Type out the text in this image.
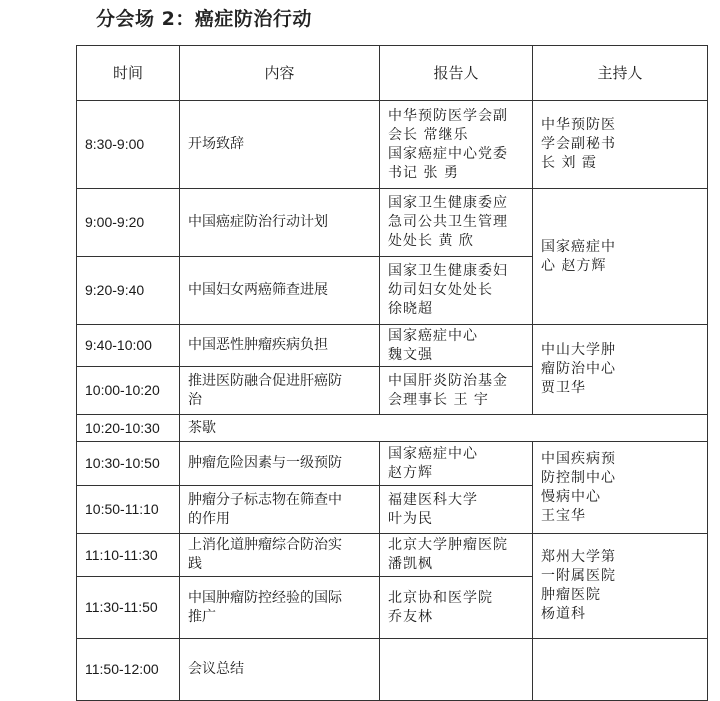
分会场 2：癌症防治行动
时间	内容	报告人	主持人
8:30-9:00	开场致辞	中华预防医学会副
会长 常继乐
国家癌症中心党委
书记 张 勇	中华预防医
学会副秘书
长 刘 霞

9:00-9:20	中国癌症防治行动计划	国家卫生健康委应
急司公共卫生管理
处处长 黄 欣	国家癌症中
心 赵方辉

9:20-9:40	中国妇女两癌筛查进展	国家卫生健康委妇
幼司妇女处处长
徐晓超	

9:40-10:00	中国恶性肿瘤疾病负担	国家癌症中心
魏文强	中山大学肿
瘤防治中心
贾卫华

10:00-10:20	推进医防融合促进肝癌防
治	中国肝炎防治基金
会理事长 王 宇	

10:20-10:30	茶歇		

10:30-10:50	肿瘤危险因素与一级预防	国家癌症中心
赵方辉	中国疾病预
防控制中心
慢病中心
王宝华

10:50-11:10	肿瘤分子标志物在筛查中
的作用	福建医科大学
叶为民	

11:10-11:30	上消化道肿瘤综合防治实
践	北京大学肿瘤医院
潘凯枫	郑州大学第
一附属医院
肿瘤医院
杨道科

11:30-11:50	中国肿瘤防控经验的国际
推广	北京协和医学院
乔友林	

11:50-12:00	会议总结		
